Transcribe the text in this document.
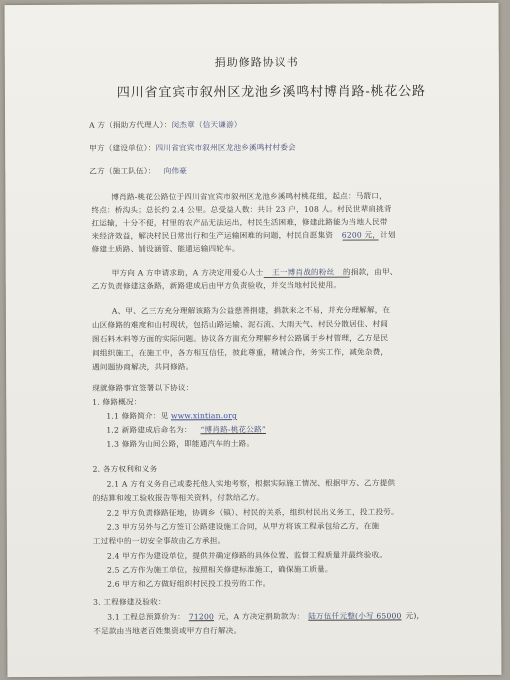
捐助修路协议书
四川省宜宾市叙州区龙池乡溪鸣村博肖路-桃花公路
A 方（捐助方代理人）：闵杰章（信天谦游）
甲方（建设单位）：四川省宜宾市叙州区龙池乡溪鸣村村委会
乙方（施工队伍）： 向伟豪
博肖路-桃花公路位于四川省宜宾市叙州区龙池乡溪鸣村桃花组，起点：马箭口，
终点：桥沟头；总长约 2.4 公里。总受益人数：共计 23 户，108 人。村民世辈肩挑背
扛运输，十分不便，村里的农产品无法运出，村民生活困难，修建此路能为当地人民带
来经济效益，解决村民日常出行和生产运输困难的问题，村民自愿集资 6200 元，计划
修建土质路、铺设涵管、能通运输四轮车。
甲方向 A 方申请求助，A 方决定用爱心人士 王一博肖战的粉丝 的捐款，由甲、
乙方负责修建这条路，新路建成后由甲方负责验收，并交当地村民使用。
A、甲、乙三方充分理解该路为公益慈善捐建，捐款来之不易，并充分理解解，在
山区修路的难度和山村现状，包括山路运输、泥石流、大雨天气、村民分散居住、村闾
图石料木料等方面的实际问题。协议各方面充分理解乡村公路属于乡村管理，乙方是民
间组织施工，在施工中，各方相互信任，彼此尊重，精诚合作，务实工作，减免杂费，
遇问题协商解决，共同修路。
现就修路事宜签署以下协议：
1. 修路概况：
1.1 修路简介：见 www.xintian.org
1.2 新路建成后命名为： “博肖路-桃花公路”
1.3 修路为山间公路，即能通汽车的土路。
2. 各方权利和义务
2.1 A 方有义务自己或委托他人实地考察，根据实际施工情况、根据甲方、乙方提供
的结算和竣工验收报告等相关资料，付款给乙方。
2.2 甲方负责修路征地，协调乡（镇）、村民的关系，组织村民出义务工，投工投劳。
2.3 甲方另外与乙方签订公路建设施工合同，从甲方将该工程承包给乙方，在施
工过程中的一切安全事故由乙方承担。
2.4 甲方作为建设单位，提供并确定修路的具体位置、监督工程质量并最终验收。
2.5 乙方作为施工单位，按照相关修建标准施工，确保施工质量。
2.6 甲方和乙方做好组织村民投工投劳的工作。
3. 工程修建及验收：
3.1 工程总预算价为： 71200 元，A 方决定捐助款为： 陆万伍仟元整(小写 65000 元)，
不足款由当地老百姓集资或甲方自行解决。
